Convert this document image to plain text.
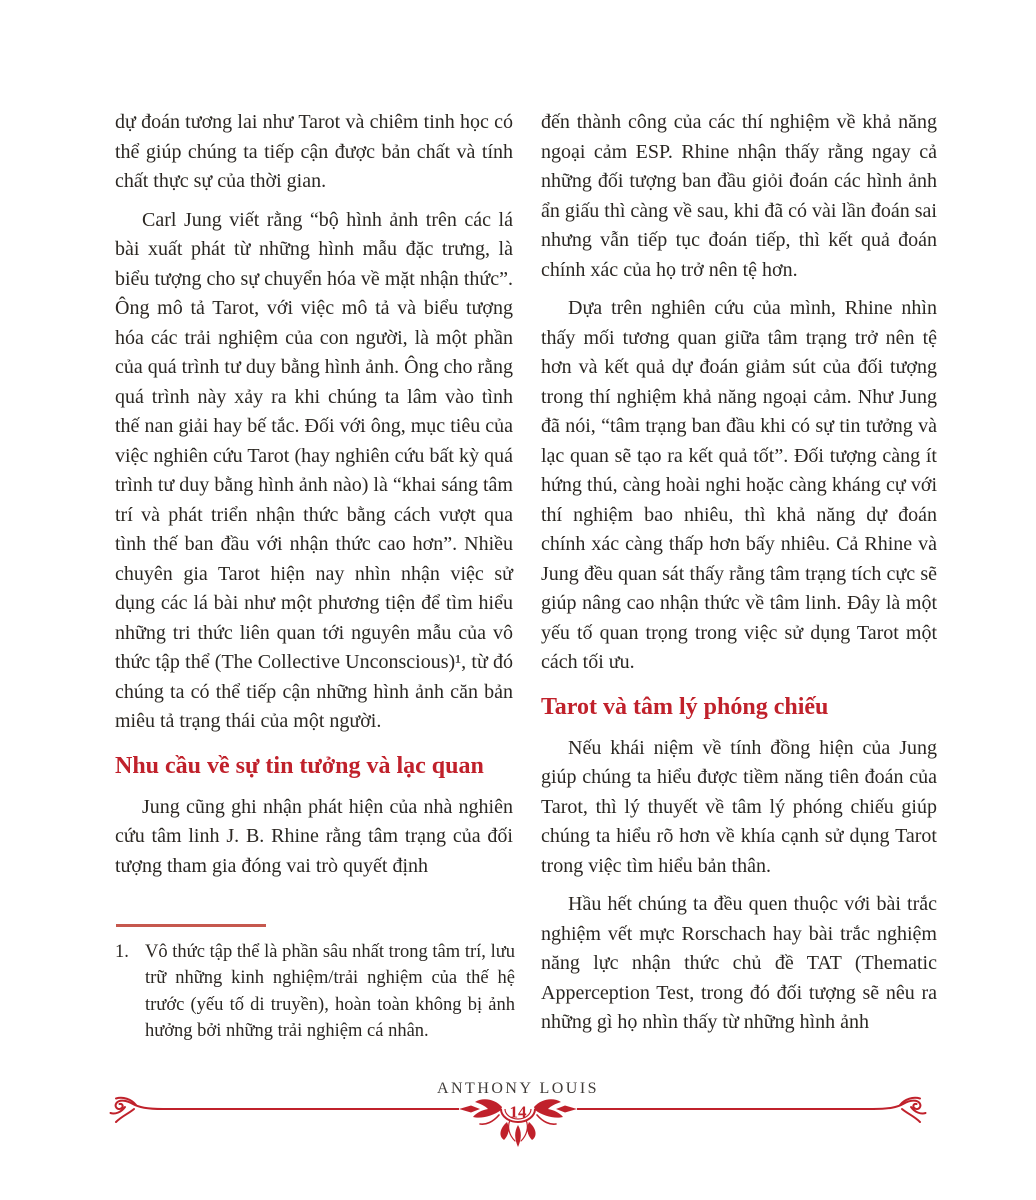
dự đoán tương lai như Tarot và chiêm tinh học có thể giúp chúng ta tiếp cận được bản chất và tính chất thực sự của thời gian.

Carl Jung viết rằng “bộ hình ảnh trên các lá bài xuất phát từ những hình mẫu đặc trưng, là biểu tượng cho sự chuyển hóa về mặt nhận thức”. Ông mô tả Tarot, với việc mô tả và biểu tượng hóa các trải nghiệm của con người, là một phần của quá trình tư duy bằng hình ảnh. Ông cho rằng quá trình này xảy ra khi chúng ta lâm vào tình thế nan giải hay bế tắc. Đối với ông, mục tiêu của việc nghiên cứu Tarot (hay nghiên cứu bất kỳ quá trình tư duy bằng hình ảnh nào) là “khai sáng tâm trí và phát triển nhận thức bằng cách vượt qua tình thế ban đầu với nhận thức cao hơn”. Nhiều chuyên gia Tarot hiện nay nhìn nhận việc sử dụng các lá bài như một phương tiện để tìm hiểu những tri thức liên quan tới nguyên mẫu của vô thức tập thể (The Collective Unconscious)¹, từ đó chúng ta có thể tiếp cận những hình ảnh căn bản miêu tả trạng thái của một người.

Nhu cầu về sự tin tưởng và lạc quan

Jung cũng ghi nhận phát hiện của nhà nghiên cứu tâm linh J. B. Rhine rằng tâm trạng của đối tượng tham gia đóng vai trò quyết định

đến thành công của các thí nghiệm về khả năng ngoại cảm ESP. Rhine nhận thấy rằng ngay cả những đối tượng ban đầu giỏi đoán các hình ảnh ẩn giấu thì càng về sau, khi đã có vài lần đoán sai nhưng vẫn tiếp tục đoán tiếp, thì kết quả đoán chính xác của họ trở nên tệ hơn.

Dựa trên nghiên cứu của mình, Rhine nhìn thấy mối tương quan giữa tâm trạng trở nên tệ hơn và kết quả dự đoán giảm sút của đối tượng trong thí nghiệm khả năng ngoại cảm. Như Jung đã nói, “tâm trạng ban đầu khi có sự tin tưởng và lạc quan sẽ tạo ra kết quả tốt”. Đối tượng càng ít hứng thú, càng hoài nghi hoặc càng kháng cự với thí nghiệm bao nhiêu, thì khả năng dự đoán chính xác càng thấp hơn bấy nhiêu. Cả Rhine và Jung đều quan sát thấy rằng tâm trạng tích cực sẽ giúp nâng cao nhận thức về tâm linh. Đây là một yếu tố quan trọng trong việc sử dụng Tarot một cách tối ưu.

Tarot và tâm lý phóng chiếu

Nếu khái niệm về tính đồng hiện của Jung giúp chúng ta hiểu được tiềm năng tiên đoán của Tarot, thì lý thuyết về tâm lý phóng chiếu giúp chúng ta hiểu rõ hơn về khía cạnh sử dụng Tarot trong việc tìm hiểu bản thân.

Hầu hết chúng ta đều quen thuộc với bài trắc nghiệm vết mực Rorschach hay bài trắc nghiệm năng lực nhận thức chủ đề TAT (Thematic Apperception Test, trong đó đối tượng sẽ nêu ra những gì họ nhìn thấy từ những hình ảnh

1. Vô thức tập thể là phần sâu nhất trong tâm trí, lưu trữ những kinh nghiệm/trải nghiệm của thế hệ trước (yếu tố di truyền), hoàn toàn không bị ảnh hưởng bởi những trải nghiệm cá nhân.
ANTHONY LOUIS
14
